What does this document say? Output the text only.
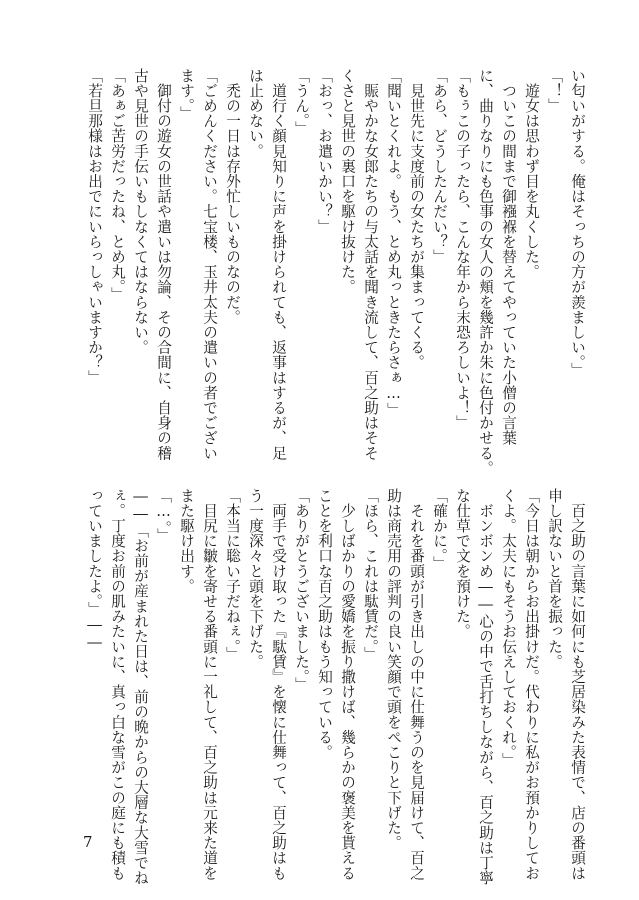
い匂いがする。俺はそっちの方が羨ましい。」
「！」
　遊女は思わず目を丸くした。
　ついこの間まで御襁褓を替えてやっていた小僧の言葉
に、曲りなりにも色事の女人の頬を幾許か朱に色付かせる。
「もぅこの子ったら、こんな年から末恐ろしいよ！」
「あら、どうしたんだい？」
　見世先に支度前の女たちが集まってくる。
「聞いとくれよ。もう、とめ丸っときたらさぁ…」
　賑やかな女郎たちの与太話を聞き流して、百之助はそそ
くさと見世の裏口を駆け抜けた。
「おっ、お遣いかい？」
「うん。」
　道行く顔見知りに声を掛けられても、返事はするが、足
は止めない。
　禿の一日は存外忙しいものなのだ。
「ごめんください。七宝楼、玉井太夫の遣いの者でござい
ます。」
　御付の遊女の世話や遣いは勿論、その合間に、自身の稽
古や見世の手伝いもしなくてはならない。
「あぁご苦労だったね、とめ丸。」
「若旦那様はお出でにいらっしゃいますか？」
　百之助の言葉に如何にも芝居染みた表情で、店の番頭は
申し訳ないと首を振った。
「今日は朝からお出掛けだ。代わりに私がお預かりしてお
くよ。太夫にもそうお伝えしておくれ。」
　ボンボンめ――心の中で舌打ちしながら、百之助は丁寧
な仕草で文を預けた。
「確かに。」
　それを番頭が引き出しの中に仕舞うのを見届けて、百之
助は商売用の評判の良い笑顔で頭をぺこりと下げた。
「ほら、これは駄賃だ。」
　少しばかりの愛嬌を振り撒けば、幾らかの褒美を貰える
ことを利口な百之助はもう知っている。
「ありがとうございました。」
　両手で受け取った『駄賃』を懐に仕舞って、百之助はも
う一度深々と頭を下げた。
「本当に聡い子だねぇ。」
　目尻に皺を寄せる番頭に一礼して、百之助は元来た道を
また駆け出す。
「…。」
――「お前が産まれた日は、前の晩からの大層な大雪でね
ぇ。丁度お前の肌みたいに、真っ白な雪がこの庭にも積も
っていましたよ。」――
7
